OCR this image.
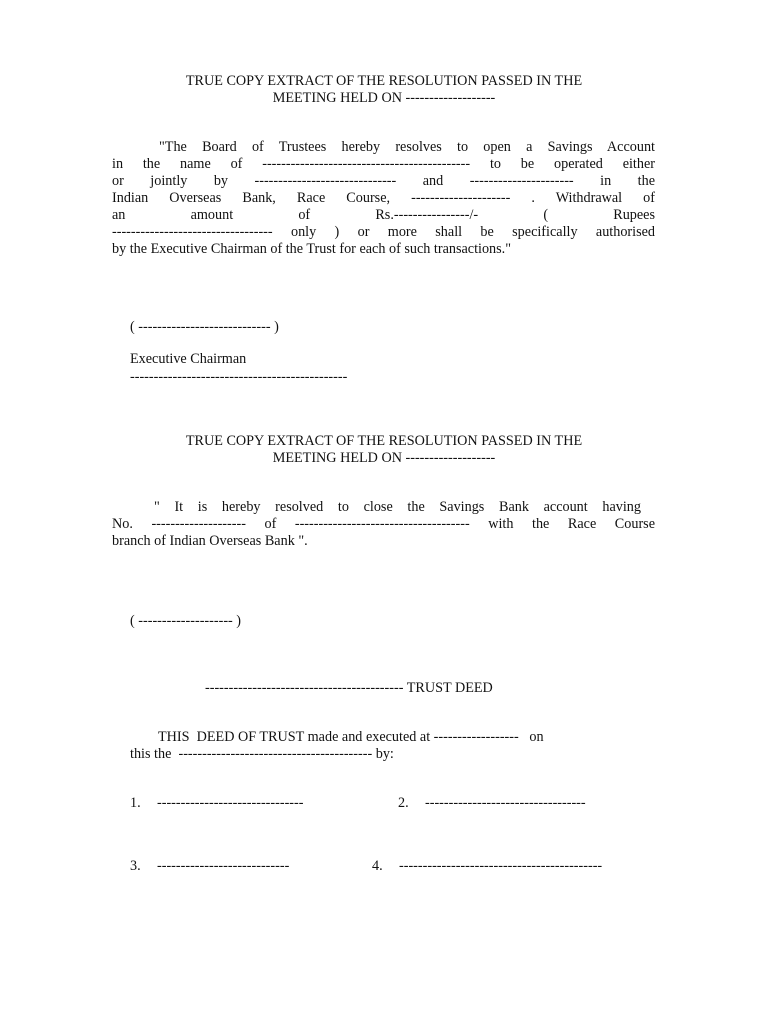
TRUE COPY EXTRACT OF THE RESOLUTION PASSED IN THE
MEETING HELD ON -------------------
"The Board of Trustees hereby resolves to open a Savings Account
in the name of -------------------------------------------- to be operated either
or jointly by ------------------------------ and ---------------------- in the
Indian Overseas Bank, Race Course, --------------------- . Withdrawal of
an amount of Rs.----------------/- ( Rupees
---------------------------------- only ) or more shall be specifically authorised
by the Executive Chairman of the Trust for each of such transactions."
( ---------------------------- )
Executive Chairman
----------------------------------------------
TRUE COPY EXTRACT OF THE RESOLUTION PASSED IN THE
MEETING HELD ON -------------------
" It is hereby resolved to close the Savings Bank account having
No. -------------------- of ------------------------------------- with the Race Course
branch of Indian Overseas Bank ".
( -------------------- )
------------------------------------------ TRUST DEED
THIS  DEED OF TRUST made and executed at ------------------   on
this the  ----------------------------------------- by:
1. -------------------------------	2. ----------------------------------
3. ----------------------------	4. -------------------------------------------
